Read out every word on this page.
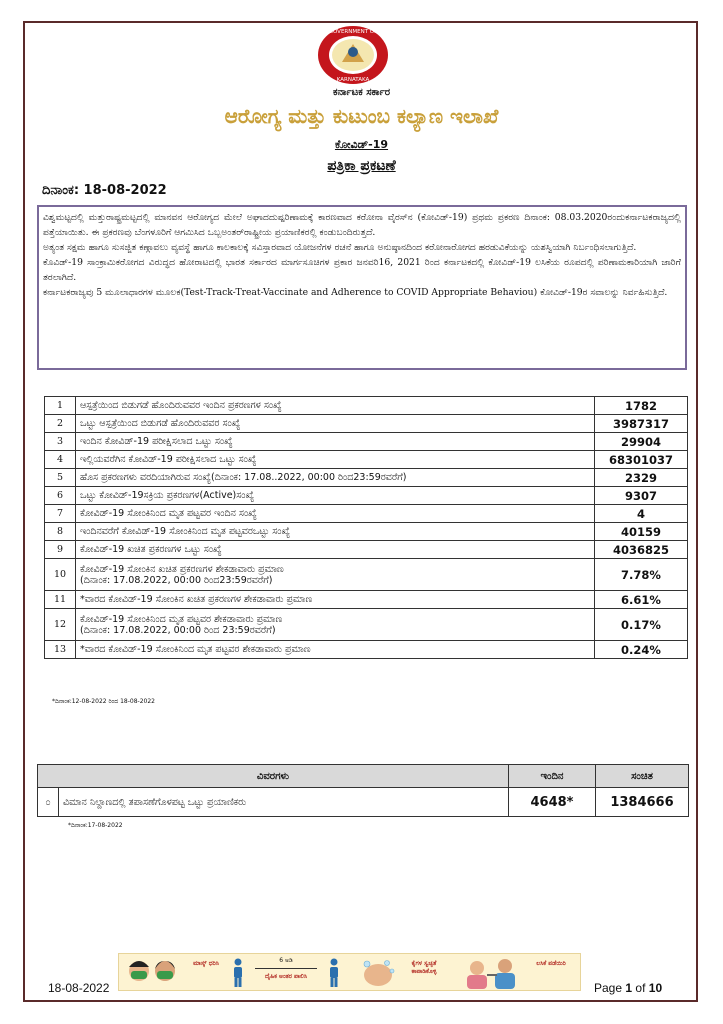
GOVERNMENT OF
KARNATAKA
ಕರ್ನಾಟಕ ಸರ್ಕಾರ
ಆರೋಗ್ಯ ಮತ್ತು ಕುಟುಂಬ ಕಲ್ಯಾಣ ಇಲಾಖೆ
ಕೋವಿಡ್-19
ಪತ್ರಿಕಾ ಪ್ರಕಟಣೆ
ದಿನಾಂಕ: 18-08-2022

ವಿಶ್ವಮಟ್ಟದಲ್ಲಿ ಮತ್ತುರಾಷ್ಟ್ರಮಟ್ಟದಲ್ಲಿ ಮಾನವನ ಆರೋಗ್ಯದ ಮೇಲೆ ಅಘಾದದುಷ್ಪರಿಣಾಮಕ್ಕೆ ಕಾರಣವಾದ ಕರೋನಾ ವೈರಸ್‌ನ (ಕೋವಿಡ್-19) ಪ್ರಥಮ ಪ್ರಕರಣ ದಿನಾಂಕ: 08.03.2020ರಂದುಕರ್ನಾಟಕರಾಜ್ಯದಲ್ಲಿ ಪತ್ತೆಯಾಯಿತು. ಈ ಪ್ರಕರಣವು ಬೆಂಗಳೂರಿಗೆ ಆಗಮಿಸಿದ ಒಬ್ಬಅಂತರ್‌ರಾಷ್ಟ್ರೀಯ ಪ್ರಯಾಣಿಕರಲ್ಲಿ ಕಂಡುಬಂದಿರುತ್ತದೆ.

ಅತ್ಯಂತ ಸಕ್ಷಮ ಹಾಗೂ ಸುಸಜ್ಜಿತ ಕಣ್ಗಾವಲು ವ್ಯವಸ್ಥೆ ಹಾಗೂ ಕಾಲಕಾಲಕ್ಕೆ ಸವಿಸ್ತಾರವಾದ ಯೋಜನೆಗಳ ರಚನೆ ಹಾಗೂ ಅನುಷ್ಠಾನದಿಂದ ಕರೋನಾರೋಗದ ಹರಡುವಿಕೆಯನ್ನು ಯಶಸ್ವಿಯಾಗಿ ನಿರ್ಬಂಧಿಸಲಾಗುತ್ತಿದೆ.

ಕೊವಿಡ್-19 ಸಾಂಕ್ರಾಮಿಕರೋಗದ ವಿರುದ್ಧದ ಹೋರಾಟದಲ್ಲಿ ಭಾರತ ಸರ್ಕಾರದ ಮಾರ್ಗಸೂಚಿಗಳ ಪ್ರಕಾರ ಜನವರಿ16, 2021 ರಿಂದ ಕರ್ನಾಟಕದಲ್ಲಿ ಕೋವಿಡ್-19 ಲಸಿಕೆಯ ರೂಪದಲ್ಲಿ ಪರಿಣಾಮಕಾರಿಯಾಗಿ ಜಾರಿಗೆ ತರಲಾಗಿದೆ.

ಕರ್ನಾಟಕರಾಜ್ಯವು 5 ಮೂಲಾಧಾರಗಳ ಮೂಲಕ(Test-Track-Treat-Vaccinate and Adherence to COVID Appropriate Behaviou) ಕೋವಿಡ್-19ರ ಸವಾಲನ್ನು ನಿರ್ವಹಿಸುತ್ತಿದೆ.

1	ಆಸ್ಪತ್ರೆಯಿಂದ ಬಿಡುಗಡೆ ಹೊಂದಿರುವವರ ಇಂದಿನ ಪ್ರಕರಣಗಳ ಸಂಖ್ಯೆ	1782
2	ಒಟ್ಟು ಆಸ್ಪತ್ರೆಯಿಂದ ಬಿಡುಗಡೆ ಹೊಂದಿರುವವರ ಸಂಖ್ಯೆ	3987317
3	ಇಂದಿನ ಕೋವಿಡ್-19 ಪರೀಕ್ಷಿಸಲಾದ ಒಟ್ಟು ಸಂಖ್ಯೆ	29904
4	ಇಲ್ಲಿಯವರೆಗಿನ ಕೋವಿಡ್-19 ಪರೀಕ್ಷಿಸಲಾದ ಒಟ್ಟು ಸಂಖ್ಯೆ	68301037
5	ಹೊಸ ಪ್ರಕರಣಗಳು ವರದಿಯಾಗಿರುವ ಸಂಖ್ಯೆ(ದಿನಾಂಕ: 17.08..2022, 00:00 ರಿಂದ23:59ರವರೆಗೆ)	2329
6	ಒಟ್ಟು ಕೋವಿಡ್-19ಸಕ್ರಿಯ ಪ್ರಕರಣಗಳ(Active)ಸಂಖ್ಯೆ	9307
7	ಕೋವಿಡ್-19 ಸೋಂಕಿನಿಂದ ಮೃತ ಪಟ್ಟವರ ಇಂದಿನ ಸಂಖ್ಯೆ	4
8	ಇಂದಿನವರೆಗೆ ಕೋವಿಡ್-19 ಸೋಂಕಿನಿಂದ ಮೃತ ಪಟ್ಟವರಒಟ್ಟು ಸಂಖ್ಯೆ	40159
9	ಕೋವಿಡ್-19 ಖಚಿತ ಪ್ರಕರಣಗಳ ಒಟ್ಟು ಸಂಖ್ಯೆ	4036825
10	ಕೋವಿಡ್-19 ಸೋಂಕಿನ ಖಚಿತ ಪ್ರಕರಣಗಳ ಶೇಕಡಾವಾರು ಪ್ರಮಾಣ
(ದಿನಾಂಕ: 17.08.2022, 00:00 ರಿಂದ23:59ರವರೆಗೆ)	7.78%
11	*ವಾರದ ಕೋವಿಡ್-19 ಸೋಂಕಿನ ಖಚಿತ ಪ್ರಕರಣಗಳ ಶೇಕಡಾವಾರು ಪ್ರಮಾಣ	6.61%
12	ಕೋವಿಡ್-19 ಸೋಂಕಿನಿಂದ ಮೃತ ಪಟ್ಟವರ ಶೇಕಡಾವಾರು ಪ್ರಮಾಣ
(ದಿನಾಂಕ: 17.08.2022, 00:00 ರಿಂದ 23:59ರವರೆಗೆ)	0.17%
13	*ವಾರದ ಕೋವಿಡ್-19 ಸೋಂಕಿನಿಂದ ಮೃತ ಪಟ್ಟವರ ಶೇಕಡಾವಾರು ಪ್ರಮಾಣ	0.24%
*ದಿನಾಂಕ:12-08-2022 ರಿಂದ 18-08-2022
ವಿವರಗಳು		ಇಂದಿನ	ಸಂಚಿತ
೦	ವಿಮಾನ ನಿಲ್ದಾಣದಲ್ಲಿ ತಪಾಸಣೆಗೊಳಪಟ್ಟ ಒಟ್ಟು ಪ್ರಯಾಣಿಕರು	4648*	1384666
*ದಿನಾಂಕ:17-08-2022
ಮಾಸ್ಕ್ ಧರಿಸಿ	6 ಅಡಿ
ದೈಹಿಕ ಅಂತರ ಪಾಲಿಸಿ
ಕೈಗಳ ಸ್ವಚ್ಛತೆ ಕಾಪಾಡಿಕೊಳ್ಳಿ
ಲಸಿಕೆ ಪಡೆಯಿರಿ
18-08-2022	Page 1 of 10
